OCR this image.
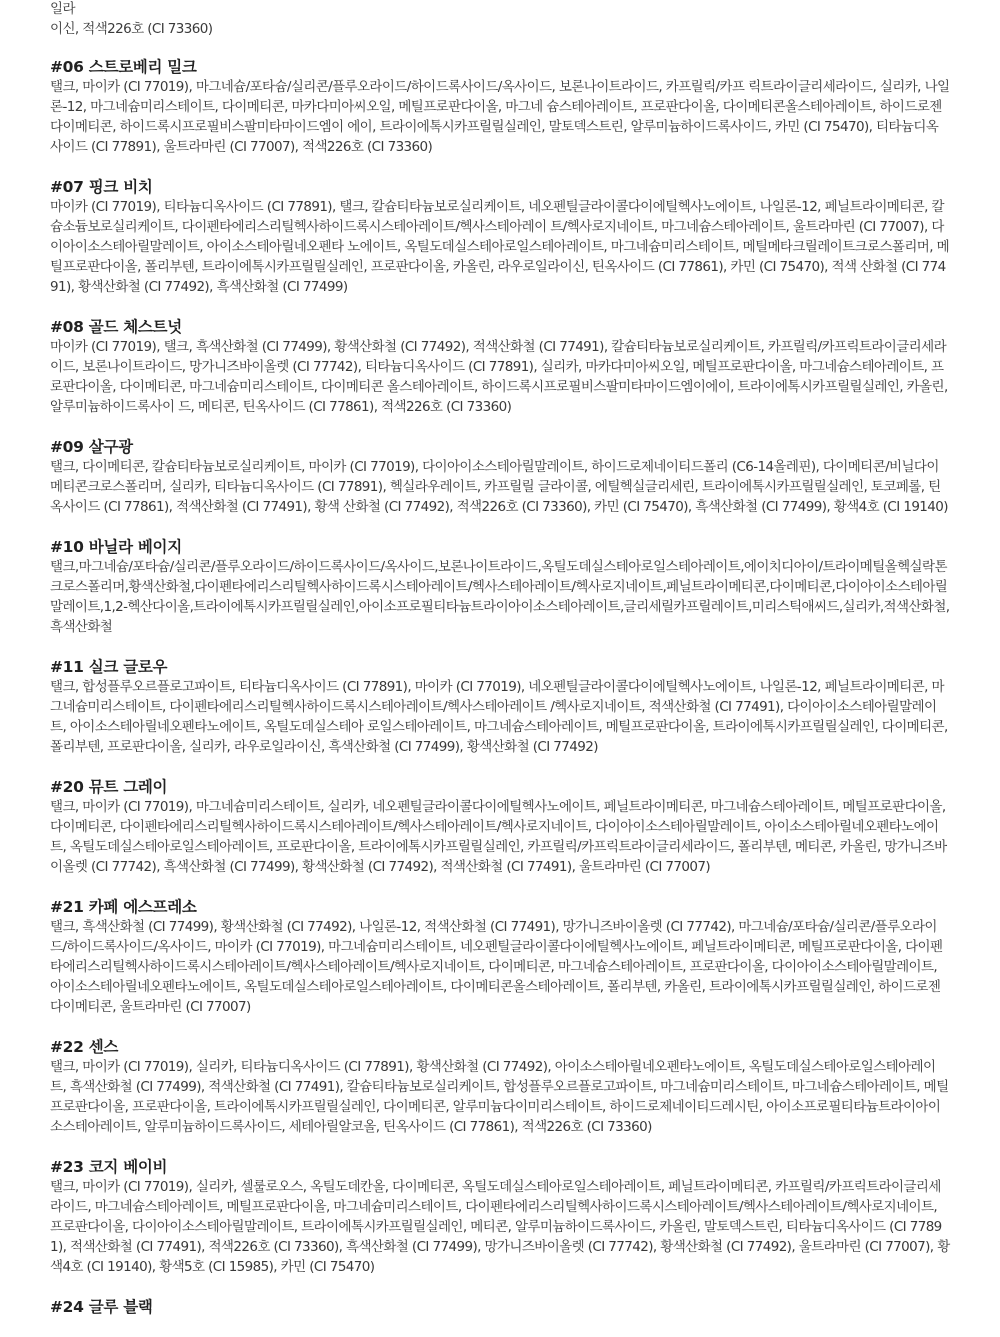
일라
이신, 적색226호 (CI 73360)
#06 스트로베리 밀크

탤크, 마이카 (CI 77019), 마그네슘/포타슘/실리콘/플루오라이드/하이드록사이드/옥사이드, 보론나이트라이드, 카프릴릭/카프 릭트라이글리세라이드, 실리카, 나일론-12, 마그네슘미리스테이트, 다이메티콘, 마카다미아씨오일, 메틸프로판다이올, 마그네 슘스테아레이트, 프로판다이올, 다이메티콘올스테아레이트, 하이드로젠다이메티콘, 하이드록시프로필비스팔미타마이드엠이 에이, 트라이에톡시카프릴릴실레인, 말토덱스트린, 알루미늄하이드록사이드, 카민 (CI 75470), 티타늄디옥사이드 (CI 77891), 울트라마린 (CI 77007), 적색226호 (CI 73360)

#07 핑크 비치

마이카 (CI 77019), 티타늄디옥사이드 (CI 77891), 탤크, 칼슘티타늄보로실리케이트, 네오펜틸글라이콜다이에틸헥사노에이트, 나일론-12, 페닐트라이메티콘, 칼슘소듐보로실리케이트, 다이펜타에리스리틸헥사하이드록시스테아레이트/헥사스테아레이 트/헥사로지네이트, 마그네슘스테아레이트, 울트라마린 (CI 77007), 다이아이소스테아릴말레이트, 아이소스테아릴네오펜타 노에이트, 옥틸도데실스테아로일스테아레이트, 마그네슘미리스테이트, 메틸메타크릴레이트크로스폴리머, 메틸프로판다이올, 폴리부텐, 트라이에톡시카프릴릴실레인, 프로판다이올, 카올린, 라우로일라이신, 틴옥사이드 (CI 77861), 카민 (CI 75470), 적색 산화철 (CI 77491), 황색산화철 (CI 77492), 흑색산화철 (CI 77499)

#08 골드 체스트넛

마이카 (CI 77019), 탤크, 흑색산화철 (CI 77499), 황색산화철 (CI 77492), 적색산화철 (CI 77491), 칼슘티타늄보로실리케이트, 카프릴릭/카프릭트라이글리세라이드, 보론나이트라이드, 망가니즈바이올렛 (CI 77742), 티타늄디옥사이드 (CI 77891), 실리카, 마카다미아씨오일, 메틸프로판다이올, 마그네슘스테아레이트, 프로판다이올, 다이메티콘, 마그네슘미리스테이트, 다이메티콘 올스테아레이트, 하이드록시프로필비스팔미타마이드엠이에이, 트라이에톡시카프릴릴실레인, 카올린, 알루미늄하이드록사이 드, 메티콘, 틴옥사이드 (CI 77861), 적색226호 (CI 73360)

#09 살구광

탤크, 다이메티콘, 칼슘티타늄보로실리케이트, 마이카 (CI 77019), 다이아이소스테아릴말레이트, 하이드로제네이티드폴리 (C6-14올레핀), 다이메티콘/비닐다이메티콘크로스폴리머, 실리카, 티타늄디옥사이드 (CI 77891), 헥실라우레이트, 카프릴릴 글라이콜, 에틸헥실글리세린, 트라이에톡시카프릴릴실레인, 토코페롤, 틴옥사이드 (CI 77861), 적색산화철 (CI 77491), 황색 산화철 (CI 77492), 적색226호 (CI 73360), 카민 (CI 75470), 흑색산화철 (CI 77499), 황색4호 (CI 19140)

#10 바닐라 베이지

탤크,마그네슘/포타슘/실리콘/플루오라이드/하이드록사이드/옥사이드,보론나이트라이드,옥틸도데실스테아로일스테아레이트,에이치디아이/트라이메틸올헥실락톤크로스폴리머,황색산화철,다이펜타에리스리틸헥사하이드록시스테아레이트/헥사스테아레이트/헥사로지네이트,페닐트라이메티콘,다이메티콘,다이아이소스테아릴말레이트,1,2-헥산다이올,트라이에톡시카프릴릴실레인,아이소프로필티타늄트라이아이소스테아레이트,글리세릴카프릴레이트,미리스틱애씨드,실리카,적색산화철,흑색산화철

#11 실크 글로우

탤크, 합성플루오르플로고파이트, 티타늄디옥사이드 (CI 77891), 마이카 (CI 77019), 네오펜틸글라이콜다이에틸헥사노에이트, 나일론-12, 페닐트라이메티콘, 마그네슘미리스테이트, 다이펜타에리스리틸헥사하이드록시스테아레이트/헥사스테아레이트 /헥사로지네이트, 적색산화철 (CI 77491), 다이아이소스테아릴말레이트, 아이소스테아릴네오펜타노에이트, 옥틸도데실스테아 로일스테아레이트, 마그네슘스테아레이트, 메틸프로판다이올, 트라이에톡시카프릴릴실레인, 다이메티콘, 폴리부텐, 프로판다이올, 실리카, 라우로일라이신, 흑색산화철 (CI 77499), 황색산화철 (CI 77492)

#20 뮤트 그레이

탤크, 마이카 (CI 77019), 마그네슘미리스테이트, 실리카, 네오펜틸글라이콜다이에틸헥사노에이트, 페닐트라이메티콘, 마그네슘스테아레이트, 메틸프로판다이올, 다이메티콘, 다이펜타에리스리틸헥사하이드록시스테아레이트/헥사스테아레이트/헥사로지네이트, 다이아이소스테아릴말레이트, 아이소스테아릴네오펜타노에이트, 옥틸도데실스테아로일스테아레이트, 프로판다이올, 트라이에톡시카프릴릴실레인, 카프릴릭/카프릭트라이글리세라이드, 폴리부텐, 메티콘, 카올린, 망가니즈바이올렛 (CI 77742), 흑색산화철 (CI 77499), 황색산화철 (CI 77492), 적색산화철 (CI 77491), 울트라마린 (CI 77007)

#21 카페 에스프레소

탤크, 흑색산화철 (CI 77499), 황색산화철 (CI 77492), 나일론-12, 적색산화철 (CI 77491), 망가니즈바이올렛 (CI 77742), 마그네슘/포타슘/실리콘/플루오라이드/하이드록사이드/옥사이드, 마이카 (CI 77019), 마그네슘미리스테이트, 네오펜틸글라이콜다이에틸헥사노에이트, 페닐트라이메티콘, 메틸프로판다이올, 다이펜타에리스리틸헥사하이드록시스테아레이트/헥사스테아레이트/헥사로지네이트, 다이메티콘, 마그네슘스테아레이트, 프로판다이올, 다이아이소스테아릴말레이트, 아이소스테아릴네오펜타노에이트, 옥틸도데실스테아로일스테아레이트, 다이메티콘올스테아레이트, 폴리부텐, 카올린, 트라이에톡시카프릴릴실레인, 하이드로젠다이메티콘, 울트라마린 (CI 77007)

#22 센스

탤크, 마이카 (CI 77019), 실리카, 티타늄디옥사이드 (CI 77891), 황색산화철 (CI 77492), 아이소스테아릴네오펜타노에이트, 옥틸도데실스테아로일스테아레이트, 흑색산화철 (CI 77499), 적색산화철 (CI 77491), 칼슘티타늄보로실리케이트, 합성플루오르플로고파이트, 마그네슘미리스테이트, 마그네슘스테아레이트, 메틸프로판다이올, 프로판다이올, 트라이에톡시카프릴릴실레인, 다이메티콘, 알루미늄다이미리스테이트, 하이드로제네이티드레시틴, 아이소프로필티타늄트라이아이소스테아레이트, 알루미늄하이드록사이드, 세테아릴알코올, 틴옥사이드 (CI 77861), 적색226호 (CI 73360)

#23 코지 베이비

탤크, 마이카 (CI 77019), 실리카, 셀룰로오스, 옥틸도데칸올, 다이메티콘, 옥틸도데실스테아로일스테아레이트, 페닐트라이메티콘, 카프릴릭/카프릭트라이글리세라이드, 마그네슘스테아레이트, 메틸프로판다이올, 마그네슘미리스테이트, 다이펜타에리스리틸헥사하이드록시스테아레이트/헥사스테아레이트/헥사로지네이트, 프로판다이올, 다이아이소스테아릴말레이트, 트라이에톡시카프릴릴실레인, 메티콘, 알루미늄하이드록사이드, 카올린, 말토덱스트린, 티타늄디옥사이드 (CI 77891), 적색산화철 (CI 77491), 적색226호 (CI 73360), 흑색산화철 (CI 77499), 망가니즈바이올렛 (CI 77742), 황색산화철 (CI 77492), 울트라마린 (CI 77007), 황색4호 (CI 19140), 황색5호 (CI 15985), 카민 (CI 75470)

#24 글루 블랙
